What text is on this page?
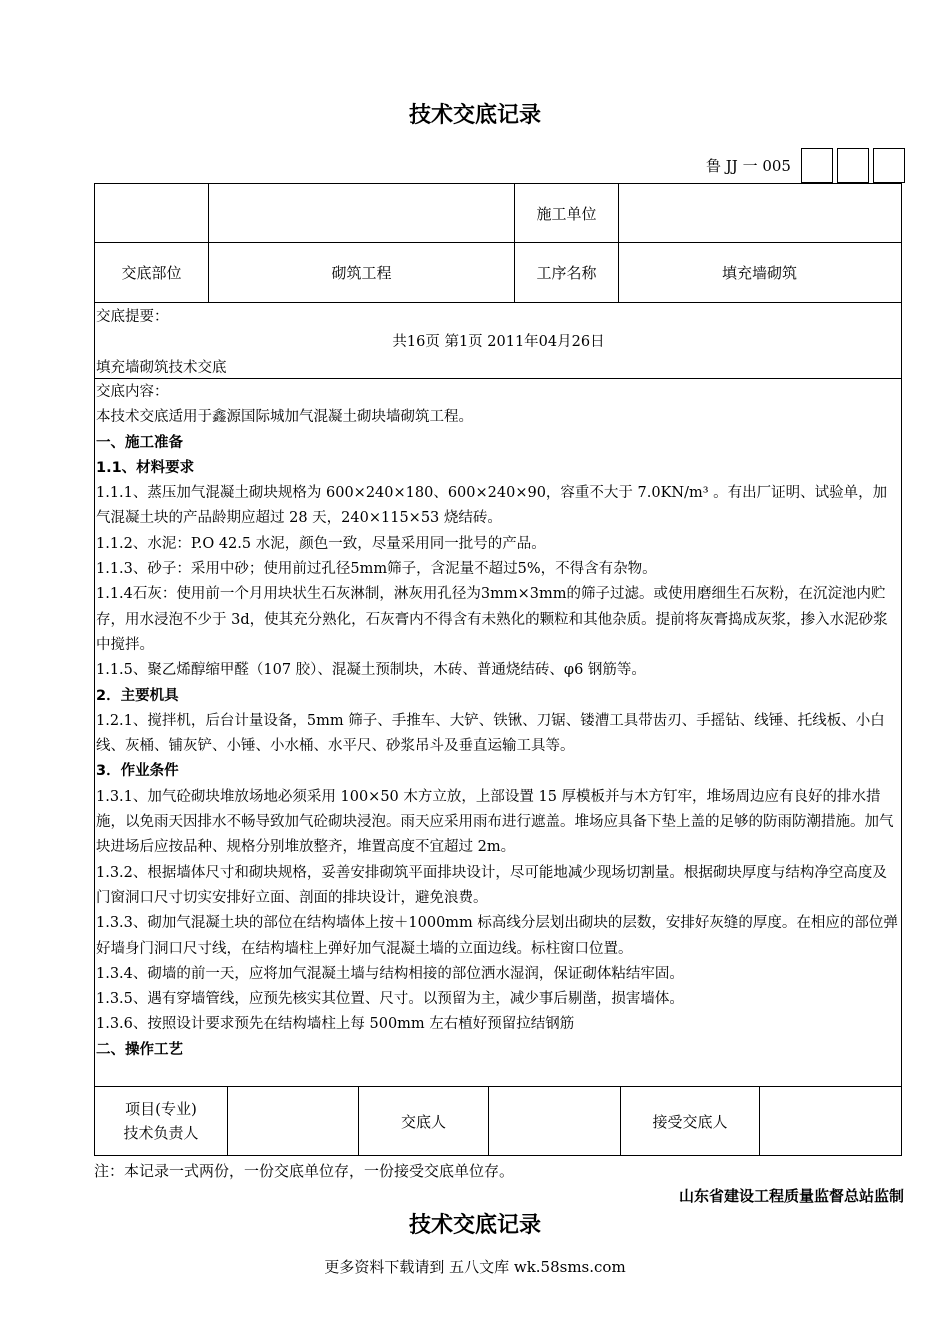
技术交底记录
鲁 JJ 一 005
施工单位
交底部位	砌筑工程	工序名称	填充墙砌筑
交底提要：
共16页 第1页 2011年04月26日
填充墙砌筑技术交底
交底内容：
本技术交底适用于鑫源国际城加气混凝土砌块墙砌筑工程。
一、施工准备
1.1、材料要求
1.1.1、蒸压加气混凝土砌块规格为 600×240×180、600×240×90，容重不大于 7.0KN/m³ 。有出厂证明、试验单，加气混凝土块的产品龄期应超过 28 天，240×115×53 烧结砖。
1.1.2、水泥：P.O 42.5 水泥，颜色一致，尽量采用同一批号的产品。
1.1.3、砂子：采用中砂；使用前过孔径5mm筛子，含泥量不超过5%，不得含有杂物。
1.1.4石灰：使用前一个月用块状生石灰淋制，淋灰用孔径为3mm×3mm的筛子过滤。或使用磨细生石灰粉，在沉淀池内贮存，用水浸泡不少于 3d，使其充分熟化，石灰膏内不得含有未熟化的颗粒和其他杂质。提前将灰膏捣成灰浆，掺入水泥砂浆中搅拌。
1.1.5、聚乙烯醇缩甲醛（107 胶）、混凝土预制块，木砖、普通烧结砖、φ6 钢筋等。
2．主要机具
1.2.1、搅拌机，后台计量设备，5mm 筛子、手推车、大铲、铁锹、刀锯、镂漕工具带齿刃、手摇钻、线锤、托线板、小白线、灰桶、铺灰铲、小锤、小水桶、水平尺、砂浆吊斗及垂直运输工具等。
3．作业条件
1.3.1、加气砼砌块堆放场地必须采用 100×50 木方立放，上部设置 15 厚模板并与木方钉牢，堆场周边应有良好的排水措施，以免雨天因排水不畅导致加气砼砌块浸泡。雨天应采用雨布进行遮盖。堆场应具备下垫上盖的足够的防雨防潮措施。加气块进场后应按品种、规格分别堆放整齐，堆置高度不宜超过 2m。
1.3.2、根据墙体尺寸和砌块规格，妥善安排砌筑平面排块设计，尽可能地减少现场切割量。根据砌块厚度与结构净空高度及门窗洞口尺寸切实安排好立面、剖面的排块设计，避免浪费。
1.3.3、砌加气混凝土块的部位在结构墙体上按＋1000mm 标高线分层划出砌块的层数，安排好灰缝的厚度。在相应的部位弹好墙身门洞口尺寸线，在结构墙柱上弹好加气混凝土墙的立面边线。标柱窗口位置。
1.3.4、砌墙的前一天，应将加气混凝土墙与结构相接的部位洒水湿润，保证砌体粘结牢固。
1.3.5、遇有穿墙管线，应预先核实其位置、尺寸。以预留为主，减少事后剔凿，损害墙体。
1.3.6、按照设计要求预先在结构墙柱上每 500mm 左右植好预留拉结钢筋
二、操作工艺
项目(专业)
技术负责人
交底人	接受交底人
注：本记录一式两份，一份交底单位存，一份接受交底单位存。
山东省建设工程质量监督总站监制
技术交底记录
更多资料下载请到 五八文库 wk.58sms.com
